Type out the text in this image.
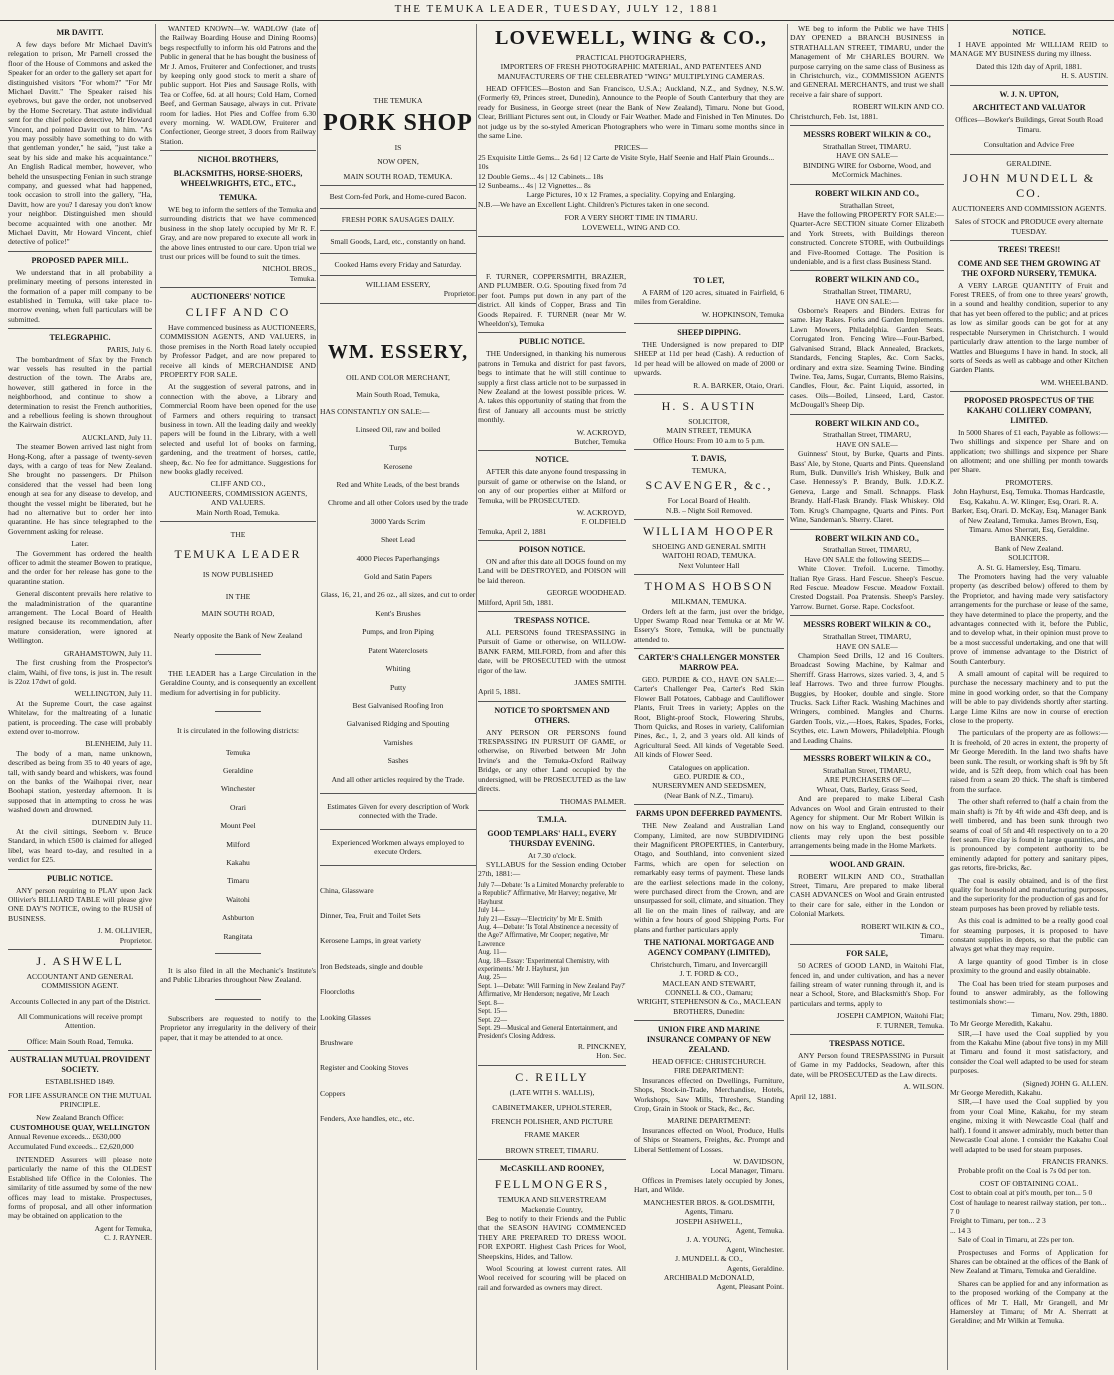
THE TEMUKA LEADER, TUESDAY, JULY 12, 1881
MR DAVITT.

A few days before Mr Michael Davitt's relegation to prison, Mr Parnell crossed the floor of the House of Commons and asked the Speaker for an order to the gallery set apart for distinguished visitors "For whom?" "For Mr Michael Davitt." The Speaker raised his eyebrows, but gave the order, not unobserved by the Home Secretary. That astute individual sent for the chief police detective, Mr Howard Vincent, and pointed Davitt out to him. "As you may possibly have something to do with that gentleman yonder," he said, "just take a seat by his side and make his acquaintance." An English Radical member, however, who beheld the unsuspecting Fenian in such strange company, and guessed what had happened, took occasion to stroll into the gallery, "Ha, Davitt, how are you? I daresay you don't know your neighbor. Distinguished men should become acquainted with one another. Mr Michael Davitt, Mr Howard Vincent, chief detective of police!"

PROPOSED PAPER MILL.

We understand that in all probability a preliminary meeting of persons interested in the formation of a paper mill company to be established in Temuka, will take place to-morrow evening, when full particulars will be submitted.

TELEGRAPHIC.
PARIS, July 6.

The bombardment of Sfax by the French war vessels has resulted in the partial destruction of the town. The Arabs are, however, still gathered in force in the neighborhood, and continue to show a determination to resist the French authorities, and a rebellious feeling is shown throughout the Kairwain district.

AUCKLAND, July 11.

The steamer Bowen arrived last night from Hong-Kong, after a passage of twenty-seven days, with a cargo of teas for New Zealand. She brought no passengers. Dr Philson considered that the vessel had been long enough at sea for any disease to develop, and thought the vessel might be liberated, but he had no alternative but to order her into quarantine. He has since telegraphed to the Government asking for release.

Later.

The Government has ordered the health officer to admit the steamer Bowen to pratique, and the order for her release has gone to the quarantine station.

General discontent prevails here relative to the maladministration of the quarantine arrangement. The Local Board of Health resigned because its recommendation, after mature consideration, were ignored at Wellington.

GRAHAMSTOWN, July 11.

The first crushing from the Prospector's claim, Waihi, of five tons, is just in. The result is 22oz 17dwt of gold.

WELLINGTON, July 11.

At the Supreme Court, the case against Whitelaw, for the maltreating of a lunatic patient, is proceeding. The case will probably extend over to-morrow.

BLENHEIM, July 11.

The body of a man, name unknown, described as being from 35 to 40 years of age, tall, with sandy beard and whiskers, was found on the banks of the Waihopai river, near Boohapi station, yesterday afternoon. It is supposed that in attempting to cross he was washed down and drowned.

DUNEDIN July 11.

At the civil sittings, Seeborn v. Bruce Standard, in which £500 is claimed for alleged libel, was heard to-day, and resulted in a verdict for £25.

PUBLIC NOTICE.

ANY person requiring to PLAY upon Jack Ollivier's BILLIARD TABLE will please give ONE DAY'S NOTICE, owing to the RUSH of BUSINESS.

J. M. OLLIVIER,
Proprietor.
J. ASHWELL
ACCOUNTANT AND GENERAL COMMISSION AGENT.
Accounts Collected in any part of the District.
All Communications will receive prompt Attention.
Office: Main South Road, Temuka.
AUSTRALIAN MUTUAL PROVIDENT SOCIETY.
ESTABLISHED 1849.
FOR LIFE ASSURANCE ON THE MUTUAL PRINCIPLE.
New Zealand Branch Office:
CUSTOMHOUSE QUAY, WELLINGTON
Annual Revenue exceeds... £630,000
Accumulated Fund exceeds... £2,620,000

INTENDED Assurers will please note particularly the name of this the OLDEST Established life Office in the Colonies. The similarity of title assumed by some of the new offices may lead to mistake. Prospectuses, forms of proposal, and all other information may be obtained on application to the

Agent for Temuka,
C. J. RAYNER.

WANTED KNOWN—W. WADLOW (late of the Railway Boarding House and Dining Rooms) begs respectfully to inform his old Patrons and the Public in general that he has bought the business of Mr J. Amos, Fruiterer and Confectioner, and trusts by keeping only good stock to merit a share of public support. Hot Pies and Sausage Rolls, with Tea or Coffee, 6d. at all hours; Cold Ham, Corned Beef, and German Sausage, always in cut. Private room for ladies. Hot Pies and Coffee from 6.30 every morning. W. WADLOW, Fruiterer and Confectioner, George street, 3 doors from Railway Station.

NICHOL BROTHERS,
BLACKSMITHS, HORSE-SHOERS, WHEELWRIGHTS, ETC., ETC.,
TEMUKA.

WE beg to inform the settlers of the Temuka and surrounding districts that we have commenced business in the shop lately occupied by Mr R. F. Gray, and are now prepared to execute all work in the above lines entrusted to our care. Upon trial we trust our prices will be found to suit the times.

NICHOL BROS.,
Temuka.
AUCTIONEERS' NOTICE
CLIFF AND CO

Have commenced business as AUCTIONEERS, COMMISSION AGENTS, AND VALUERS, in those premises in the North Road lately occupied by Professor Padget, and are now prepared to receive all kinds of MERCHANDISE AND PROPERTY FOR SALE.

At the suggestion of several patrons, and in connection with the above, a Library and Commercial Room have been opened for the use of Farmers and others requiring to transact business in town. All the leading daily and weekly papers will be found in the Library, with a well selected and useful lot of books on farming, gardening, and the treatment of horses, cattle, sheep, &c. No fee for admittance. Suggestions for new books gladly received.

CLIFF AND CO.,
AUCTIONEERS, COMMISSION AGENTS, AND VALUERS.
Main North Road, Temuka.
THE
TEMUKA LEADER
IS NOW PUBLISHED
IN THE
MAIN SOUTH ROAD,
Nearly opposite the Bank of New Zealand

THE LEADER has a Large Circulation in the Geraldine County, and is consequently an excellent medium for advertising in for publicity.

It is circulated in the following districts:
Temuka
Geraldine
Winchester
Orari
Mount Peel
Milford
Kakahu
Timaru
Waitohi
Ashburton
Rangitata

It is also filed in all the Mechanic's Institute's and Public Libraries throughout New Zealand.

Subscribers are requested to notify to the Proprietor any irregularity in the delivery of their paper, that it may be attended to at once.

THE TEMUKA
PORK SHOP
IS
NOW OPEN,
MAIN SOUTH ROAD, TEMUKA.
Best Corn-fed Pork, and Home-cured Bacon.
FRESH PORK SAUSAGES DAILY.
Small Goods, Lard, etc., constantly on hand.
Cooked Hams every Friday and Saturday.
WILLIAM ESSERY,
Proprietor.
WM. ESSERY,
OIL AND COLOR MERCHANT,
Main South Road, Temuka,
HAS CONSTANTLY ON SALE:—
Linseed Oil, raw and boiled
Turps
Kerosene
Red and White Leads, of the best brands
Chrome and all other Colors used by the trade
3000 Yards Scrim
Sheet Lead
4000 Pieces Paperhangings
Gold and Satin Papers
Glass, 16, 21, and 26 oz., all sizes, and cut to order
Kent's Brushes
Pumps, and Iron Piping
Patent Waterclosets
Whiting
Putty
Best Galvanised Roofing Iron
Galvanised Ridging and Spouting
Varnishes
Sashes
And all other articles required by the Trade.
Estimates Given for every description of Work connected with the Trade.
Experienced Workmen always employed to execute Orders.
China, Glassware
Dinner, Tea, Fruit and Toilet Sets
Kerosene Lamps, in great variety
Iron Bedsteads, single and double
Floorcloths
Looking Glasses
Brushware
Register and Cooking Stoves
Coppers
Fenders, Axe handles, etc., etc.
LOVEWELL, WING & CO.,
PRACTICAL PHOTOGRAPHERS,
IMPORTERS OF FRESH PHOTOGRAPHIC MATERIAL, AND PATENTEES AND MANUFACTURERS OF THE CELEBRATED "WING" MULTIPLYING CAMERAS.

HEAD OFFICES—Boston and San Francisco, U.S.A.; Auckland, N.Z., and Sydney, N.S.W. (Formerly 69, Princes street, Dunedin), Announce to the People of South Canterbury that they are ready for Business, in George street (near the Bank of New Zealand), Timaru. None but Good, Clear, Brilliant Pictures sent out, in Cloudy or Fair Weather. Made and Finished in Ten Minutes. Do not judge us by the so-styled American Photographers who were in Timaru some months since in the same Line.

PRICES—
25 Exquisite Little Gems... 2s 6d | 12 Carte de Visite Style, Half Seenie and Half Plain Grounds... 10s
12 Double Gems... 4s | 12 Cabinets... 18s
12 Sunbeams... 4s | 12 Vignettes... 8s
Large Pictures, 10 x 12 Frames, a speciality. Copying and Enlarging.
N.B.—We have an Excellent Light. Children's Pictures taken in one second.
FOR A VERY SHORT TIME IN TIMARU.
LOVEWELL, WING AND CO.

F. TURNER, COPPERSMITH, BRAZIER, AND PLUMBER. O.G. Spouting fixed from 7d per foot. Pumps put down in any part of the district. All kinds of Copper, Brass and Tin Goods Repaired. F. TURNER (near Mr W. Wheeldon's), Temuka

PUBLIC NOTICE.

THE Undersigned, in thanking his numerous patrons in Temuka and district for past favors, begs to intimate that he will still continue to supply a first class article not to be surpassed in New Zealand at the lowest possible prices. W. A. takes this opportunity of stating that from the first of January all accounts must be strictly monthly.

W. ACKROYD,
Butcher, Temuka
NOTICE.

AFTER this date anyone found trespassing in pursuit of game or otherwise on the Island, or on any of our properties either at Milford or Temuka, will be PROSECUTED.

W. ACKROYD,
F. OLDFIELD
Temuka, April 2, 1881
POISON NOTICE.

ON and after this date all DOGS found on my Land will be DESTROYED, and POISON will be laid thereon.

GEORGE WOODHEAD.
Milford, April 5th, 1881.
TRESPASS NOTICE.

ALL PERSONS found TRESPASSING in Pursuit of Game or otherwise, on WILLOW-BANK FARM, MILFORD, from and after this date, will be PROSECUTED with the utmost rigor of the law.

JAMES SMITH.
April 5, 1881.
NOTICE TO SPORTSMEN AND OTHERS.

ANY PERSON OR PERSONS found TRESPASSING IN PURSUIT OF GAME, or otherwise, on Riverbed between Mr John Irvine's and the Temuka-Oxford Railway Bridge, or any other Land occupied by the undersigned, will be PROSECUTED as the law directs.

THOMAS PALMER.
T.M.I.A.
GOOD TEMPLARS' HALL, EVERY THURSDAY EVENING.
At 7.30 o'clock.

SYLLABUS for the Session ending October 27th, 1881:—

July 7—Debate: 'Is a Limited Monarchy preferable to a Republic?' Affirmative, Mr Harvey; negative, Mr Hayhurst
July 14—
July 21—Essay—'Electricity' by Mr E. Smith
Aug. 4—Debate: 'Is Total Abstinence a necessity of the Age?' Affirmative, Mr Cooper; negative, Mr Lawrence
Aug. 11—
Aug. 18—Essay: 'Experimental Chemistry, with experiments.' Mr J. Hayhurst, jun
Aug. 25—
Sept. 1—Debate: 'Will Farming in New Zealand Pay?' Affirmative, Mr Henderson; negative, Mr Leach
Sept. 8—
Sept. 15—
Sept. 22—
Sept. 29—Musical and General Entertainment, and President's Closing Address.
R. PINCKNEY,
Hon. Sec.
C. REILLY
(LATE WITH S. WALLIS),
CABINETMAKER, UPHOLSTERER, FRENCH POLISHER, AND PICTURE FRAME MAKER
BROWN STREET, TIMARU.
McCASKILL AND ROONEY,
FELLMONGERS,
TEMUKA AND SILVERSTREAM
Mackenzie Country,

Beg to notify to their Friends and the Public that the SEASON HAVING COMMENCED THEY ARE PREPARED TO DRESS WOOL FOR EXPORT. Highest Cash Prices for Wool, Sheepskins, Hides, and Tallow.

Wool Scouring at lowest current rates. All Wool received for scouring will be placed on rail and forwarded as owners may direct.

TO LET,

A FARM of 120 acres, situated in Fairfield, 6 miles from Geraldine.

W. HOPKINSON, Temuka
SHEEP DIPPING.

THE Undersigned is now prepared to DIP SHEEP at 11d per head (Cash). A reduction of 1d per head will be allowed on made of 2000 or upwards.

R. A. BARKER, Otaio, Orari.
H. S. AUSTIN
SOLICITOR,
MAIN STREET, TEMUKA
Office Hours: From 10 a.m to 5 p.m.
T. DAVIS,
TEMUKA,
SCAVENGER, &c.,
For Local Board of Health.
N.B. – Night Soil Removed.
WILLIAM HOOPER
SHOEING AND GENERAL SMITH
WAITOHI ROAD, TEMUKA.
Next Volunteer Hall
THOMAS HOBSON
MILKMAN, TEMUKA.

Orders left at the farm, just over the bridge, Upper Swamp Road near Temuka or at Mr W. Essery's Store, Temuka, will be punctually attended to.

CARTER'S CHALLENGER MONSTER MARROW PEA.

GEO. PURDIE & CO., HAVE ON SALE:— Carter's Challenger Pea, Carter's Red Skin Flower Ball Potatoes, Cabbage and Cauliflower Plants, Fruit Trees in variety; Apples on the Root, Blight-proof Stock, Flowering Shrubs, Thorn Quicks, and Roses in variety, Californian Pines, &c., 1, 2, and 3 years old. All kinds of Agricultural Seed. All kinds of Vegetable Seed. All kinds of Flower Seed.

Catalogues on application.
GEO. PURDIE & CO.,
NURSERYMEN AND SEEDSMEN,
(Near Bank of N.Z., Timaru).
FARMS UPON DEFERRED PAYMENTS.

THE New Zealand and Australian Land Company, Limited, are now SUBDIVIDING their Magnificent PROPERTIES, in Canterbury, Otago, and Southland, into convenient sized Farms, which are open for selection on remarkably easy terms of payment. These lands are the earliest selections made in the colony, were purchased direct from the Crown, and are unsurpassed for soil, climate, and situation. They all lie on the main lines of railway, and are within a few hours of good Shipping Ports. For plans and further particulars apply

THE NATIONAL MORTGAGE AND AGENCY COMPANY (LIMITED),
Christchurch, Timaru, and Invercargill
J. T. FORD & CO.,
MACLEAN AND STEWART,
CONNELL & CO., Oamaru;
WRIGHT, STEPHENSON & Co., MACLEAN BROTHERS, Dunedin:
UNION FIRE AND MARINE INSURANCE COMPANY OF NEW ZEALAND.
HEAD OFFICE: CHRISTCHURCH.
FIRE DEPARTMENT:

Insurances effected on Dwellings, Furniture, Shops, Stock-in-Trade, Merchandise, Hotels, Workshops, Saw Mills, Threshers, Standing Crop, Grain in Stook or Stack, &c., &c.

MARINE DEPARTMENT:

Insurances effected on Wool, Produce, Hulls of Ships or Steamers, Freights, &c. Prompt and Liberal Settlement of Losses.

W. DAVIDSON,
Local Manager, Timaru.

Offices in Premises lately occupied by Jones, Hart, and Wilde.

MANCHESTER BROS. & GOLDSMITH, Agents, Timaru.
JOSEPH ASHWELL,
Agent, Temuka.
J. A. YOUNG,
Agent, Winchester.
J. MUNDELL & CO.,
Agents, Geraldine.
ARCHIBALD McDONALD,
Agent, Pleasant Point.

WE beg to inform the Public we have THIS DAY OPENED a BRANCH BUSINESS in STRATHALLAN STREET, TIMARU, under the Management of Mr CHARLES BOURN. We purpose carrying on the same class of Business as in Christchurch, viz., COMMISSION AGENTS and GENERAL MERCHANTS, and trust we shall receive a fair share of support.

ROBERT WILKIN AND CO.
Christchurch, Feb. 1st, 1881.
MESSRS ROBERT WILKIN & CO.,
Strathallan Street, TIMARU.
HAVE ON SALE—
BINDING WIRE for Osborne, Wood, and McCormick Machines.
ROBERT WILKIN AND CO.,
Strathallan Street,

Have the following PROPERTY FOR SALE:— Quarter-Acre SECTION situate Corner Elizabeth and York Streets, with Buildings thereon constructed. Concrete STORE, with Outbuildings and Five-Roomed Cottage. The Position is undeniable, and is a first class Business Stand.

ROBERT WILKIN AND CO.,
Strathallan Street, TIMARU,
HAVE ON SALE:—

Osborne's Reapers and Binders. Extras for same. Hay Rakes. Forks and Garden Implements. Lawn Mowers, Philadelphia. Garden Seats. Corrugated Iron. Fencing Wire—Four-Barbed, Galvanised Strand, Black Annealed, Brackets, Standards, Fencing Staples, &c. Corn Sacks, ordinary and extra size. Seaming Twine. Binding Twine. Tea, Jams, Sugar, Currants, Blemo Raisins, Candles, Flour, &c. Paint Liquid, assorted, in cases. Oils—Boiled, Linseed, Lard, Castor. McDougall's Sheep Dip.

ROBERT WILKIN AND CO.,
Strathallan Street, TIMARU,
HAVE ON SALE—

Guinness' Stout, by Burke, Quarts and Pints. Bass' Ale, by Stone, Quarts and Pints. Queensland Rum, Bulk. Dunville's Irish Whiskey, Bulk and Case. Hennessy's P. Brandy, Bulk. J.D.K.Z. Geneva, Large and Small. Schnapps. Flask Brandy. Half-Flask Brandy. Flask Whiskey. Old Tom. Krug's Champagne, Quarts and Pints. Port Wine, Sandeman's. Sherry. Claret.

ROBERT WILKIN AND CO.,
Strathallan Street, TIMARU,
Have ON SALE the following SEEDS—

White Clover. Trefoil. Lucerne. Timothy. Italian Rye Grass. Hard Fescue. Sheep's Fescue. Red Fescue. Meadow Fescue. Meadow Foxtail. Crested Dogstail. Poa Pratensis. Sheep's Parsley. Yarrow. Burnet. Gorse. Rape. Cocksfoot.

MESSRS ROBERT WILKIN & CO.,
Strathallan Street, TIMARU,
HAVE ON SALE—

Champion Seed Drills, 12 and 16 Coulters. Broadcast Sowing Machine, by Kalmar and Sherriff. Grass Harrows, sizes varied. 3, 4, and 5 leaf Harrows. Two and three furrow Ploughs. Buggies, by Hooker, double and single. Store Trucks. Sack Lifter Rack. Washing Machines and Wringers, combined. Mangles and Churns. Garden Tools, viz.,—Hoes, Rakes, Spades, Forks, Scythes, etc. Lawn Mowers, Philadelphia. Plough and Leading Chains.

MESSRS ROBERT WILKIN & CO.,
Strathallan Street, TIMARU,
ARE PURCHASERS OF—
Wheat, Oats, Barley, Grass Seed,

And are prepared to make Liberal Cash Advances on Wool and Grain entrusted to their Agency for shipment. Our Mr Robert Wilkin is now on his way to England, consequently our clients may rely upon the best possible arrangements being made in the Home Markets.

WOOL AND GRAIN.

ROBERT WILKIN AND CO., Strathallan Street, Timaru, Are prepared to make liberal CASH ADVANCES on Wool and Grain entrusted to their care for sale, either in the London or Colonial Markets.

ROBERT WILKIN & CO.,
Timaru.
FOR SALE,

50 ACRES of GOOD LAND, in Waitohi Flat, fenced in, and under cultivation, and has a never failing stream of water running through it, and is near a School, Store, and Blacksmith's Shop. For particulars and terms, apply to

JOSEPH CAMPION, Waitohi Flat;
F. TURNER, Temuka.
TRESPASS NOTICE.

ANY Person found TRESPASSING in Pursuit of Game in my Paddocks, Seadown, after this date, will be PROSECUTED as the Law directs.

A. WILSON.
April 12, 1881.
NOTICE.

I HAVE appointed Mr WILLIAM REID to MANAGE MY BUSINESS during my illness.

Dated this 12th day of April, 1881.
H. S. AUSTIN.
W. J. N. UPTON,
ARCHITECT AND VALUATOR
Offices—Bowker's Buildings, Great South Road Timaru.
Consultation and Advice Free
GERALDINE.
JOHN MUNDELL & CO.
AUCTIONEERS AND COMMISSION AGENTS.
Sales of STOCK and PRODUCE every alternate TUESDAY.
TREES! TREES!!
COME AND SEE THEM GROWING AT THE OXFORD NURSERY, TEMUKA.

A VERY LARGE QUANTITY of Fruit and Forest TREES, of from one to three years' growth, in a sound and healthy condition, superior to any that has yet been offered to the public; and at prices as low as similar goods can be got for at any respectable Nurserymen in Christchurch. I would particularly draw attention to the large number of Wattles and Bluegums I have in hand. In stock, all sorts of Seeds as well as cabbage and other Kitchen Garden Plants.

WM. WHEELBAND.
PROPOSED PROSPECTUS OF THE KAKAHU COLLIERY COMPANY, LIMITED.

In 5000 Shares of £1 each, Payable as follows:—Two shillings and sixpence per Share and on application; two shillings and sixpence per Share on allotment; and one shilling per month towards per Share.

PROMOTERS.
John Hayhurst, Esq, Temuka. Thomas Hardcastle, Esq, Kakahu. A. W. Klinger, Esq, Orari. R. A. Barker, Esq, Orari. D. McKay, Esq, Manager Bank of New Zealand, Temuka. James Brown, Esq, Timaru. Amos Sherratt, Esq, Geraldine.
BANKERS.
Bank of New Zealand.
SOLICITOR.
A. St. G. Hamersley, Esq, Timaru.

The Promoters having had the very valuable property (as described below) offered to them by the Proprietor, and having made very satisfactory arrangements for the purchase or lease of the same, they have determined to place the property, and the advantages connected with it, before the Public, and to develop what, in their opinion must prove to be a most successful undertaking, and one that will prove of immense advantage to the District of South Canterbury.

A small amount of capital will be required to purchase the necessary machinery and to put the mine in good working order, so that the Company will be able to pay dividends shortly after starting. Large Lime Kilns are now in course of erection close to the property.

The particulars of the property are as follows:—It is freehold, of 20 acres in extent, the property of Mr George Meredith. In the land two shafts have been sunk. The result, or working shaft is 9ft by 5ft wide, and is 52ft deep, from which coal has been raised from a seam 20 thick. The shaft is timbered from the surface.

The other shaft referred to (half a chain from the main shaft) is 7ft by 4ft wide and 43ft deep, and is well timbered, and has been sunk through two seams of coal of 5ft and 4ft respectively on to a 20 feet seam. Fire clay is found in large quantities, and is pronounced by competent authority to be eminently adapted for pottery and sanitary pipes, gas retorts, fire-bricks, &c.

The coal is easily obtained, and is of the first quality for household and manufacturing purposes, and the superiority for the production of gas and for steam purposes has been proved by reliable tests.

As this coal is admitted to be a really good coal for steaming purposes, it is proposed to have constant supplies in depots, so that the public can always get what they may require.

A large quantity of good Timber is in close proximity to the ground and easily obtainable.

The Coal has been tried for steam purposes and found to answer admirably, as the following testimonials show:—

Timaru, Nov. 29th, 1880.
To Mr George Meredith, Kakahu.

SIR,—I have used the Coal supplied by you from the Kakahu Mine (about five tons) in my Mill at Timaru and found it most satisfactory, and consider the Coal well adapted to be used for steam purposes.

(Signed) JOHN G. ALLEN.
Mr George Meredith, Kakahu.

SIR,—I have used the Coal supplied by you from your Coal Mine, Kakahu, for my steam engine, mixing it with Newcastle Coal (half and half). I found it answer admirably, much better than Newcastle Coal alone. I consider the Kakahu Coal well adapted to be used for steam purposes.

FRANCIS FRANKS.

Probable profit on the Coal is 7s 0d per ton.

COST OF OBTAINING COAL.
Cost to obtain coal at pit's mouth, per ton... 5 0
Cost of haulage to nearest railway station, per ton... 7 0
Freight to Timaru, per ton... 2 3
... 14 3

Sale of Coal in Timaru, at 22s per ton.

Prospectuses and Forms of Application for Shares can be obtained at the offices of the Bank of New Zealand at Timaru, Temuka and Geraldine.

Shares can be applied for and any information as to the proposed working of the Company at the offices of Mr T. Hall, Mr Grangell, and Mr Hamersley at Timaru; of Mr A. Sherratt at Geraldine; and Mr Wilkin at Temuka.
